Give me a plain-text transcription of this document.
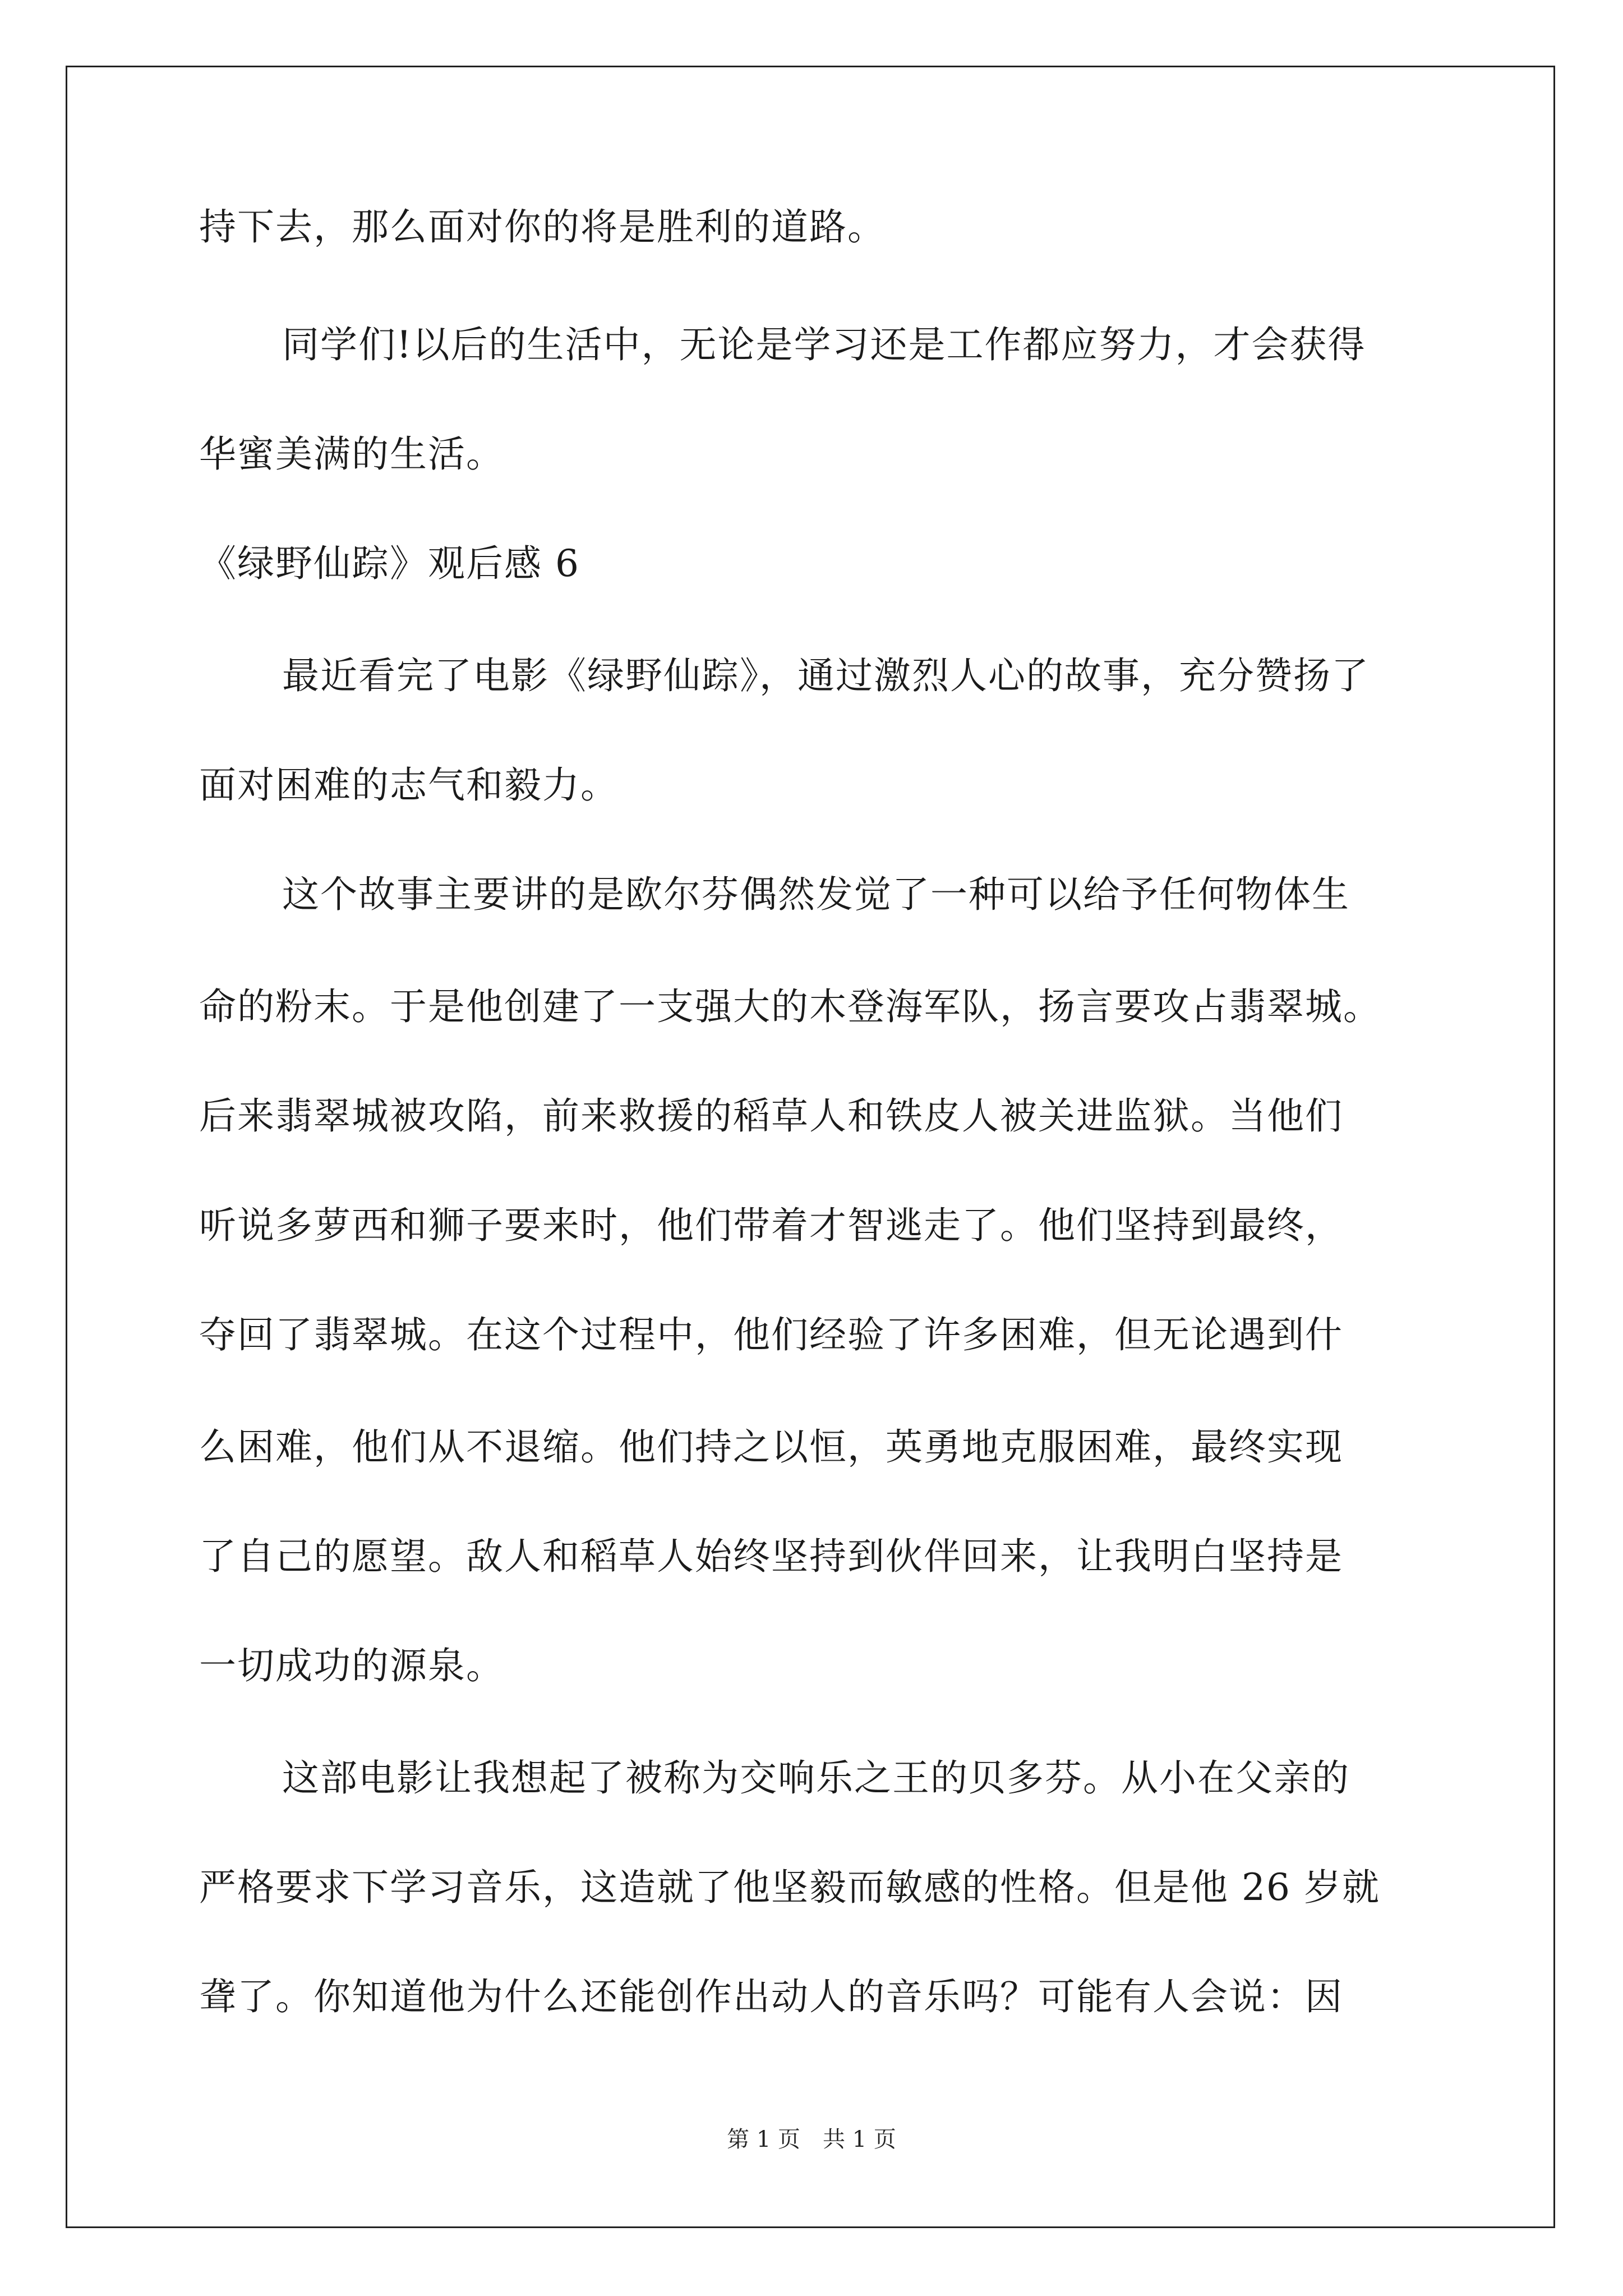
持下去，那么面对你的将是胜利的道路。
同学们!以后的生活中，无论是学习还是工作都应努力，才会获得
华蜜美满的生活。
《绿野仙踪》观后感 6
最近看完了电影《绿野仙踪》，通过激烈人心的故事，充分赞扬了
面对困难的志气和毅力。
这个故事主要讲的是欧尔芬偶然发觉了一种可以给予任何物体生
命的粉末。于是他创建了一支强大的木登海军队，扬言要攻占翡翠城。
后来翡翠城被攻陷，前来救援的稻草人和铁皮人被关进监狱。当他们
听说多萝西和狮子要来时，他们带着才智逃走了。他们坚持到最终，
夺回了翡翠城。在这个过程中，他们经验了许多困难，但无论遇到什
么困难，他们从不退缩。他们持之以恒，英勇地克服困难，最终实现
了自己的愿望。敌人和稻草人始终坚持到伙伴回来，让我明白坚持是
一切成功的源泉。
这部电影让我想起了被称为交响乐之王的贝多芬。从小在父亲的
严格要求下学习音乐，这造就了他坚毅而敏感的性格。但是他 26 岁就
聋了。你知道他为什么还能创作出动人的音乐吗？可能有人会说：因
第 1 页　共 1 页
